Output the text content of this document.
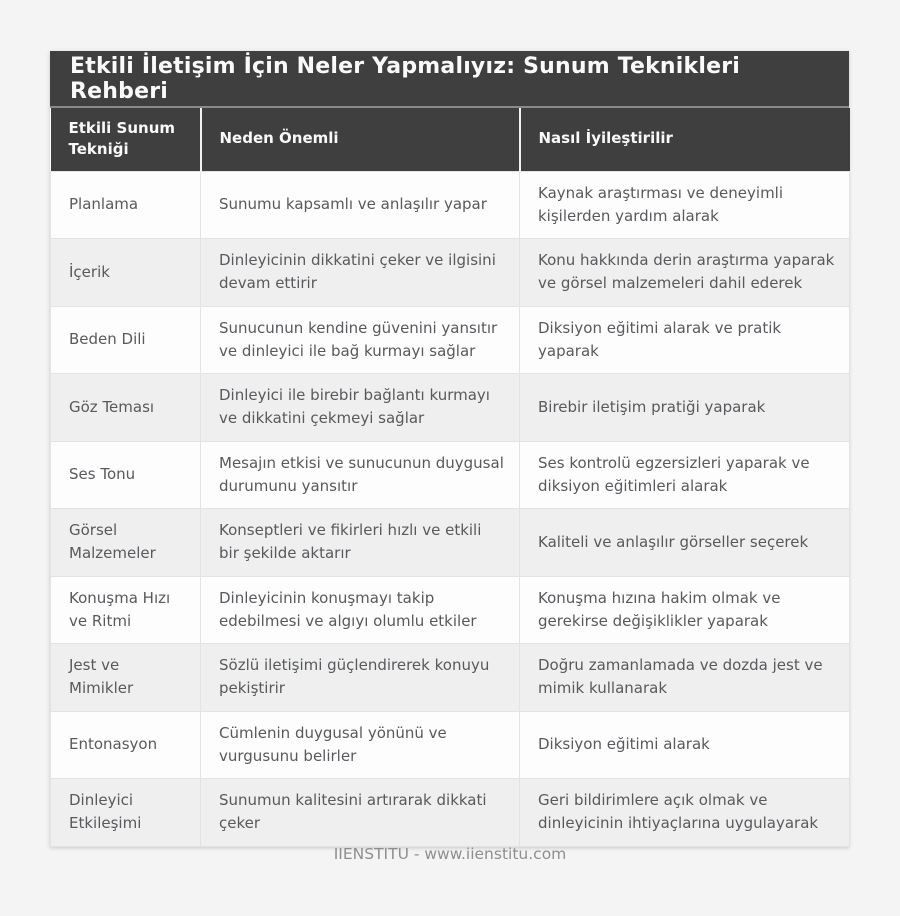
Etkili İletişim İçin Neler Yapmalıyız: Sunum Teknikleri Rehberi
Etkili Sunum Tekniği	Neden Önemli	Nasıl İyileştirilir
Planlama	Sunumu kapsamlı ve anlaşılır yapar	Kaynak araştırması ve deneyimli kişilerden yardım alarak
İçerik	Dinleyicinin dikkatini çeker ve ilgisini devam ettirir	Konu hakkında derin araştırma yaparak ve görsel malzemeleri dahil ederek
Beden Dili	Sunucunun kendine güvenini yansıtır ve dinleyici ile bağ kurmayı sağlar	Diksiyon eğitimi alarak ve pratik yaparak
Göz Teması	Dinleyici ile birebir bağlantı kurmayı ve dikkatini çekmeyi sağlar	Birebir iletişim pratiği yaparak
Ses Tonu	Mesajın etkisi ve sunucunun duygusal durumunu yansıtır	Ses kontrolü egzersizleri yaparak ve diksiyon eğitimleri alarak
Görsel Malzemeler	Konseptleri ve fikirleri hızlı ve etkili bir şekilde aktarır	Kaliteli ve anlaşılır görseller seçerek
Konuşma Hızı ve Ritmi	Dinleyicinin konuşmayı takip edebilmesi ve algıyı olumlu etkiler	Konuşma hızına hakim olmak ve gerekirse değişiklikler yaparak
Jest ve Mimikler	Sözlü iletişimi güçlendirerek konuyu pekiştirir	Doğru zamanlamada ve dozda jest ve mimik kullanarak
Entonasyon	Cümlenin duygusal yönünü ve vurgusunu belirler	Diksiyon eğitimi alarak
Dinleyici Etkileşimi	Sunumun kalitesini artırarak dikkati çeker	Geri bildirimlere açık olmak ve dinleyicinin ihtiyaçlarına uygulayarak
IIENSTITU - www.iienstitu.com
